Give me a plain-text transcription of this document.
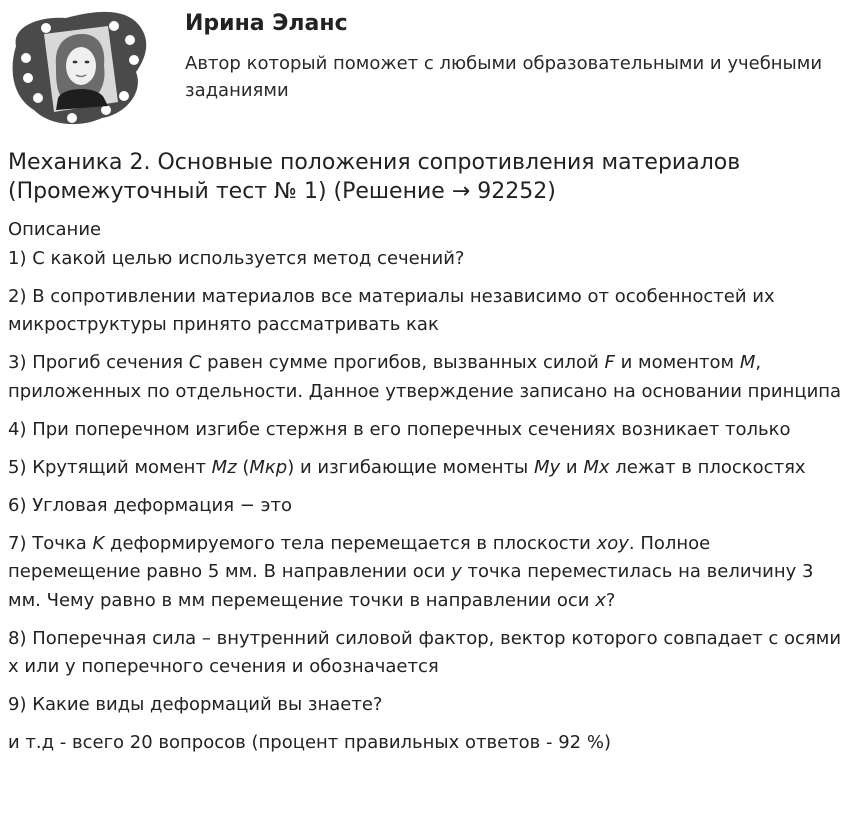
Ирина Эланс
Автор который поможет с любыми образовательными и учебными заданиями
Механика 2. Основные положения сопротивления материалов (Промежуточный тест № 1) (Решение → 92252)

Описание

1) С какой целью используется метод сечений?

2) В сопротивлении материалов все материалы независимо от особенностей их микроструктуры принято рассматривать как

3) Прогиб сечения С равен сумме прогибов, вызванных силой F и моментом M, приложенных по отдельности. Данное утверждение записано на основании принципа

4) При поперечном изгибе стержня в его поперечных сечениях возникает только

5) Крутящий момент Mz (Mкр) и изгибающие моменты My и Mx лежат в плоскостях

6) Угловая деформация − это

7) Точка K деформируемого тела перемещается в плоскости xoy. Полное перемещение равно 5 мм. В направлении оси y точка переместилась на величину 3 мм. Чему равно в мм перемещение точки в направлении оси x?

8) Поперечная сила – внутренний силовой фактор, вектор которого совпадает с осями x или y поперечного сечения и обозначается

9) Какие виды деформаций вы знаете?

и т.д - всего 20 вопросов (процент правильных ответов - 92 %)
